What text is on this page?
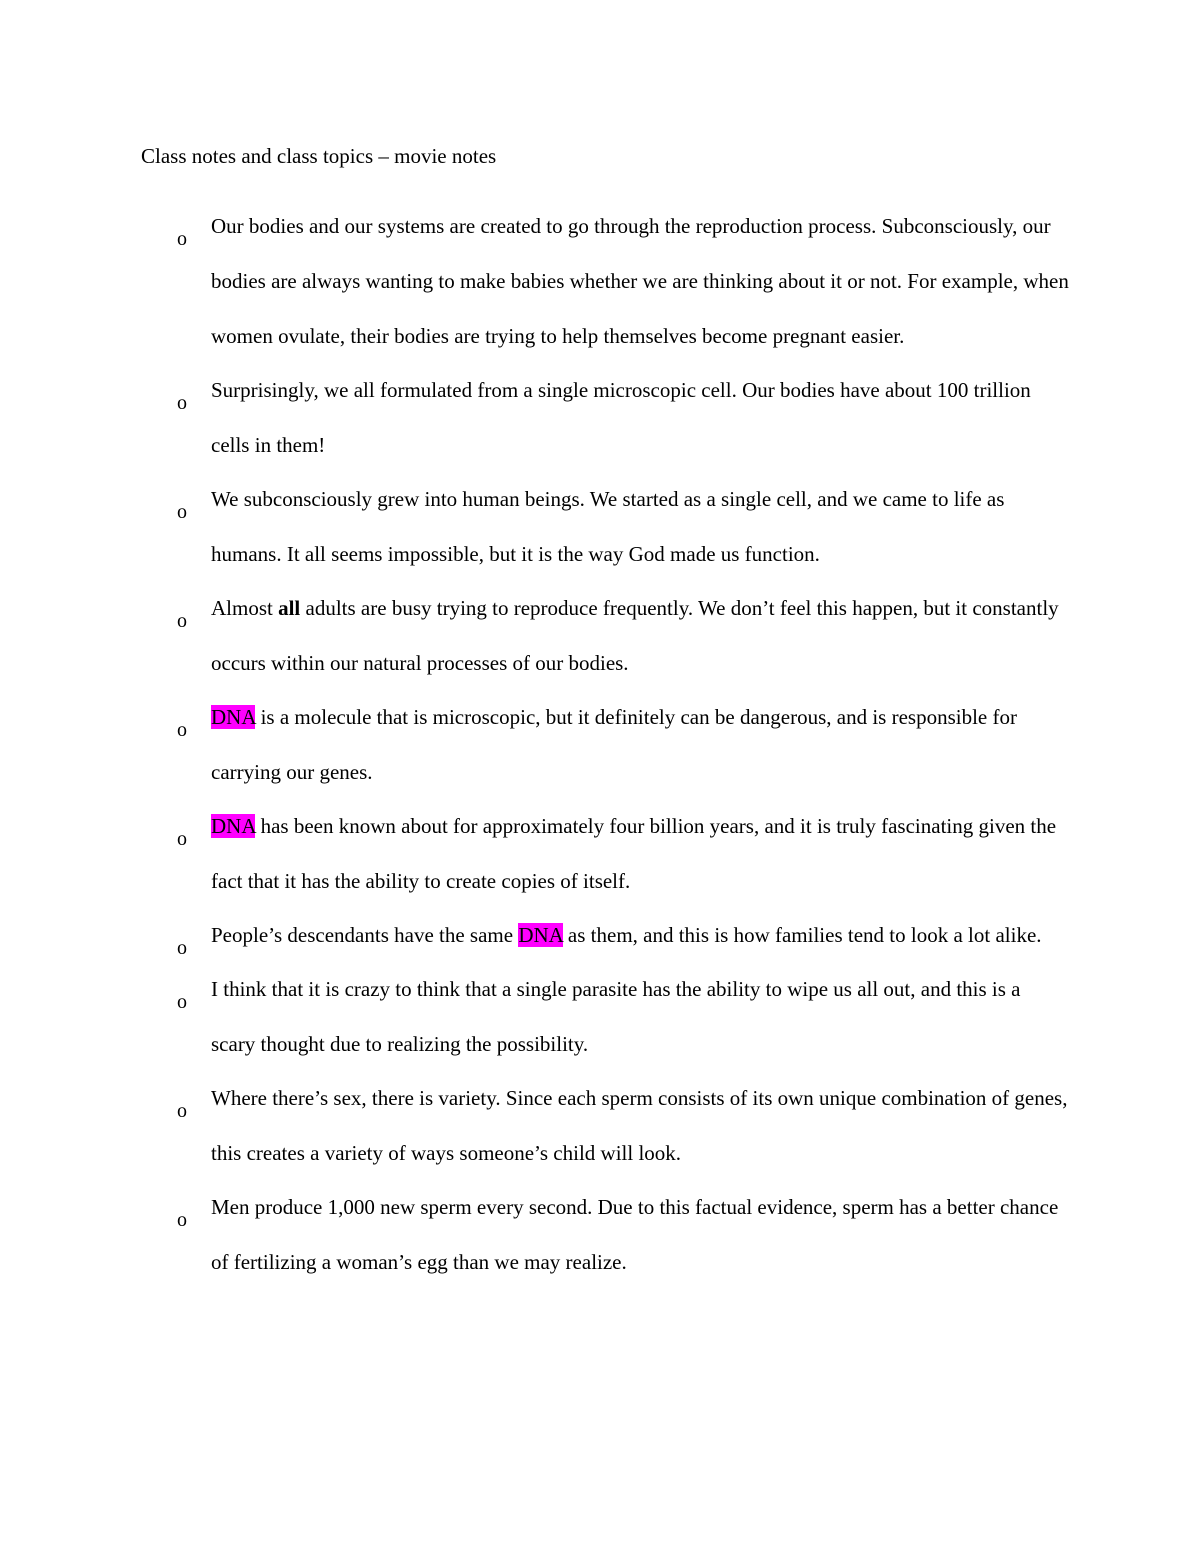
Class notes and class topics – movie notes
o
Our bodies and our systems are created to go through the reproduction process. Subconsciously, our bodies are always wanting to make babies whether we are thinking about it or not. For example, when women ovulate, their bodies are trying to help themselves become pregnant easier.
o
Surprisingly, we all formulated from a single microscopic cell. Our bodies have about 100 trillion cells in them!
o
We subconsciously grew into human beings. We started as a single cell, and we came to life as humans. It all seems impossible, but it is the way God made us function.
o
Almost all adults are busy trying to reproduce frequently. We don’t feel this happen, but it constantly occurs within our natural processes of our bodies.
o
DNA is a molecule that is microscopic, but it definitely can be dangerous, and is responsible for carrying our genes.
o
DNA has been known about for approximately four billion years, and it is truly fascinating given the fact that it has the ability to create copies of itself.
o
People’s descendants have the same DNA as them, and this is how families tend to look a lot alike.
o
I think that it is crazy to think that a single parasite has the ability to wipe us all out, and this is a scary thought due to realizing the possibility.
o
Where there’s sex, there is variety. Since each sperm consists of its own unique combination of genes, this creates a variety of ways someone’s child will look.
o
Men produce 1,000 new sperm every second. Due to this factual evidence, sperm has a better chance of fertilizing a woman’s egg than we may realize.
